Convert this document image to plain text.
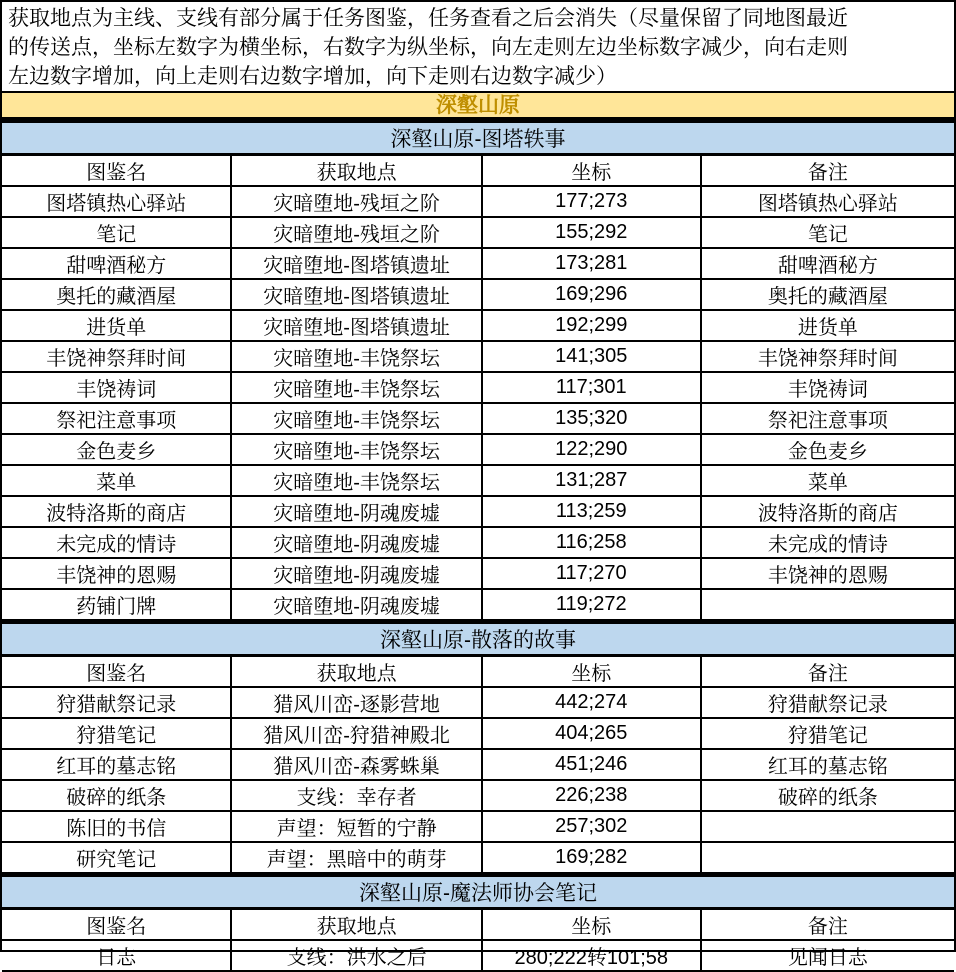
获取地点为主线、支线有部分属于任务图鉴，任务查看之后会消失（尽量保留了同地图最近
的传送点，坐标左数字为横坐标，右数字为纵坐标，向左走则左边坐标数字减少，向右走则
左边数字增加，向上走则右边数字增加，向下走则右边数字减少）
深壑山原
深壑山原-图塔轶事			
图鉴名	获取地点	坐标	备注
图塔镇热心驿站	灾暗堕地-残垣之阶	177;273	图塔镇热心驿站
笔记	灾暗堕地-残垣之阶	155;292	笔记
甜啤酒秘方	灾暗堕地-图塔镇遗址	173;281	甜啤酒秘方
奥托的藏酒屋	灾暗堕地-图塔镇遗址	169;296	奥托的藏酒屋
进货单	灾暗堕地-图塔镇遗址	192;299	进货单
丰饶神祭拜时间	灾暗堕地-丰饶祭坛	141;305	丰饶神祭拜时间
丰饶祷词	灾暗堕地-丰饶祭坛	117;301	丰饶祷词
祭祀注意事项	灾暗堕地-丰饶祭坛	135;320	祭祀注意事项
金色麦乡	灾暗堕地-丰饶祭坛	122;290	金色麦乡
菜单	灾暗堕地-丰饶祭坛	131;287	菜单
波特洛斯的商店	灾暗堕地-阴魂废墟	113;259	波特洛斯的商店
未完成的情诗	灾暗堕地-阴魂废墟	116;258	未完成的情诗
丰饶神的恩赐	灾暗堕地-阴魂废墟	117;270	丰饶神的恩赐
药铺门牌	灾暗堕地-阴魂废墟	119;272	
深壑山原-散落的故事			
图鉴名	获取地点	坐标	备注
狩猎献祭记录	猎风川峦-逐影营地	442;274	狩猎献祭记录
狩猎笔记	猎风川峦-狩猎神殿北	404;265	狩猎笔记
红耳的墓志铭	猎风川峦-森雾蛛巢	451;246	红耳的墓志铭
破碎的纸条	支线：幸存者	226;238	破碎的纸条
陈旧的书信	声望：短暂的宁静	257;302	
研究笔记	声望：黑暗中的萌芽	169;282	
深壑山原-魔法师协会笔记			
图鉴名	获取地点	坐标	备注
日志	支线：洪水之后	280;222转101;58	见闻日志
